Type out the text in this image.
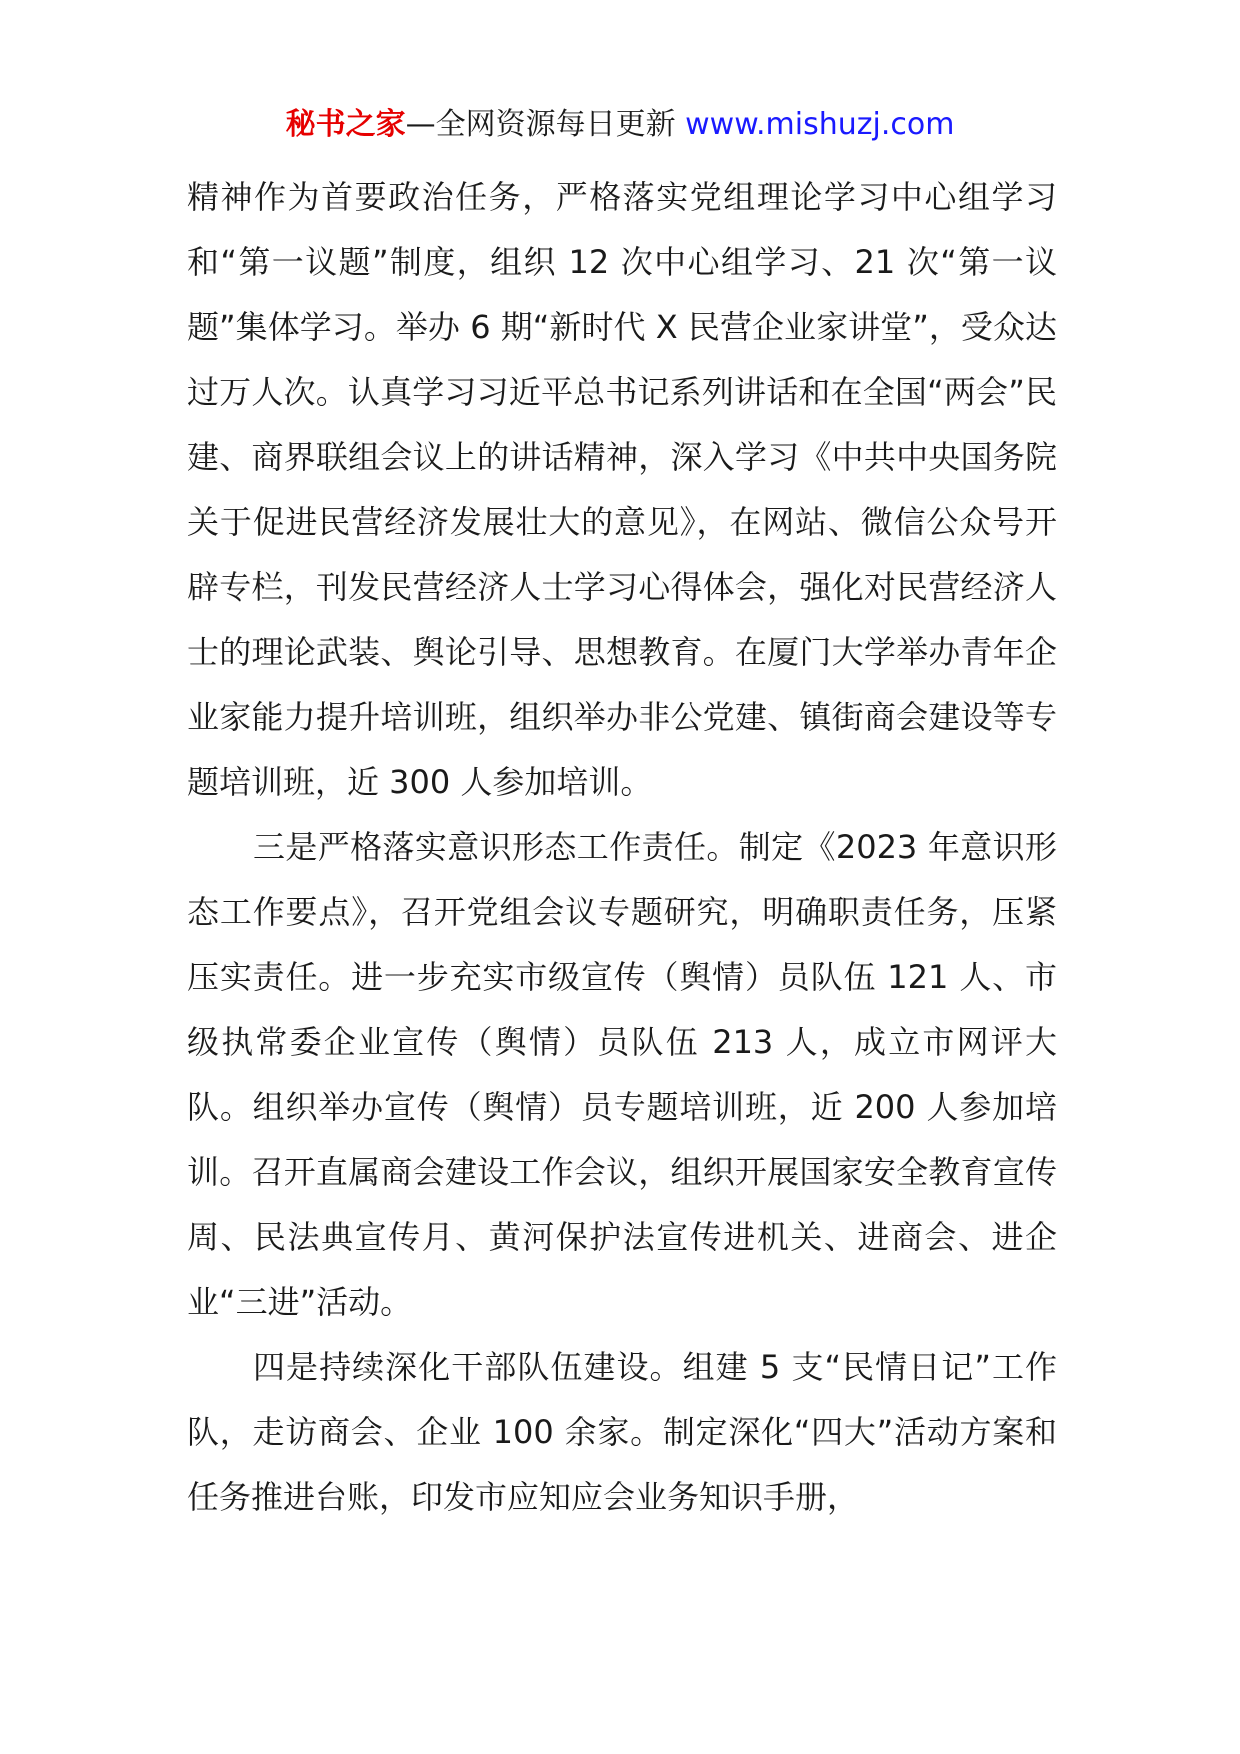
秘书之家—全网资源每日更新 www.mishuzj.com

精神作为首要政治任务，严格落实党组理论学习中心组学习和“第一议题”制度，组织 12 次中心组学习、21 次“第一议题”集体学习。举办 6 期“新时代 X 民营企业家讲堂”，受众达过万人次。认真学习习近平总书记系列讲话和在全国“两会”民建、商界联组会议上的讲话精神，深入学习《中共中央国务院关于促进民营经济发展壮大的意见》，在网站、微信公众号开辟专栏，刊发民营经济人士学习心得体会，强化对民营经济人士的理论武装、舆论引导、思想教育。在厦门大学举办青年企业家能力提升培训班，组织举办非公党建、镇街商会建设等专题培训班，近 300 人参加培训。

三是严格落实意识形态工作责任。制定《2023 年意识形态工作要点》，召开党组会议专题研究，明确职责任务，压紧压实责任。进一步充实市级宣传（舆情）员队伍 121 人、市级执常委企业宣传（舆情）员队伍 213 人，成立市网评大队。组织举办宣传（舆情）员专题培训班，近 200 人参加培训。召开直属商会建设工作会议，组织开展国家安全教育宣传周、民法典宣传月、黄河保护法宣传进机关、进商会、进企业“三进”活动。

四是持续深化干部队伍建设。组建 5 支“民情日记”工作队，走访商会、企业 100 余家。制定深化“四大”活动方案和任务推进台账，印发市应知应会业务知识手册，
